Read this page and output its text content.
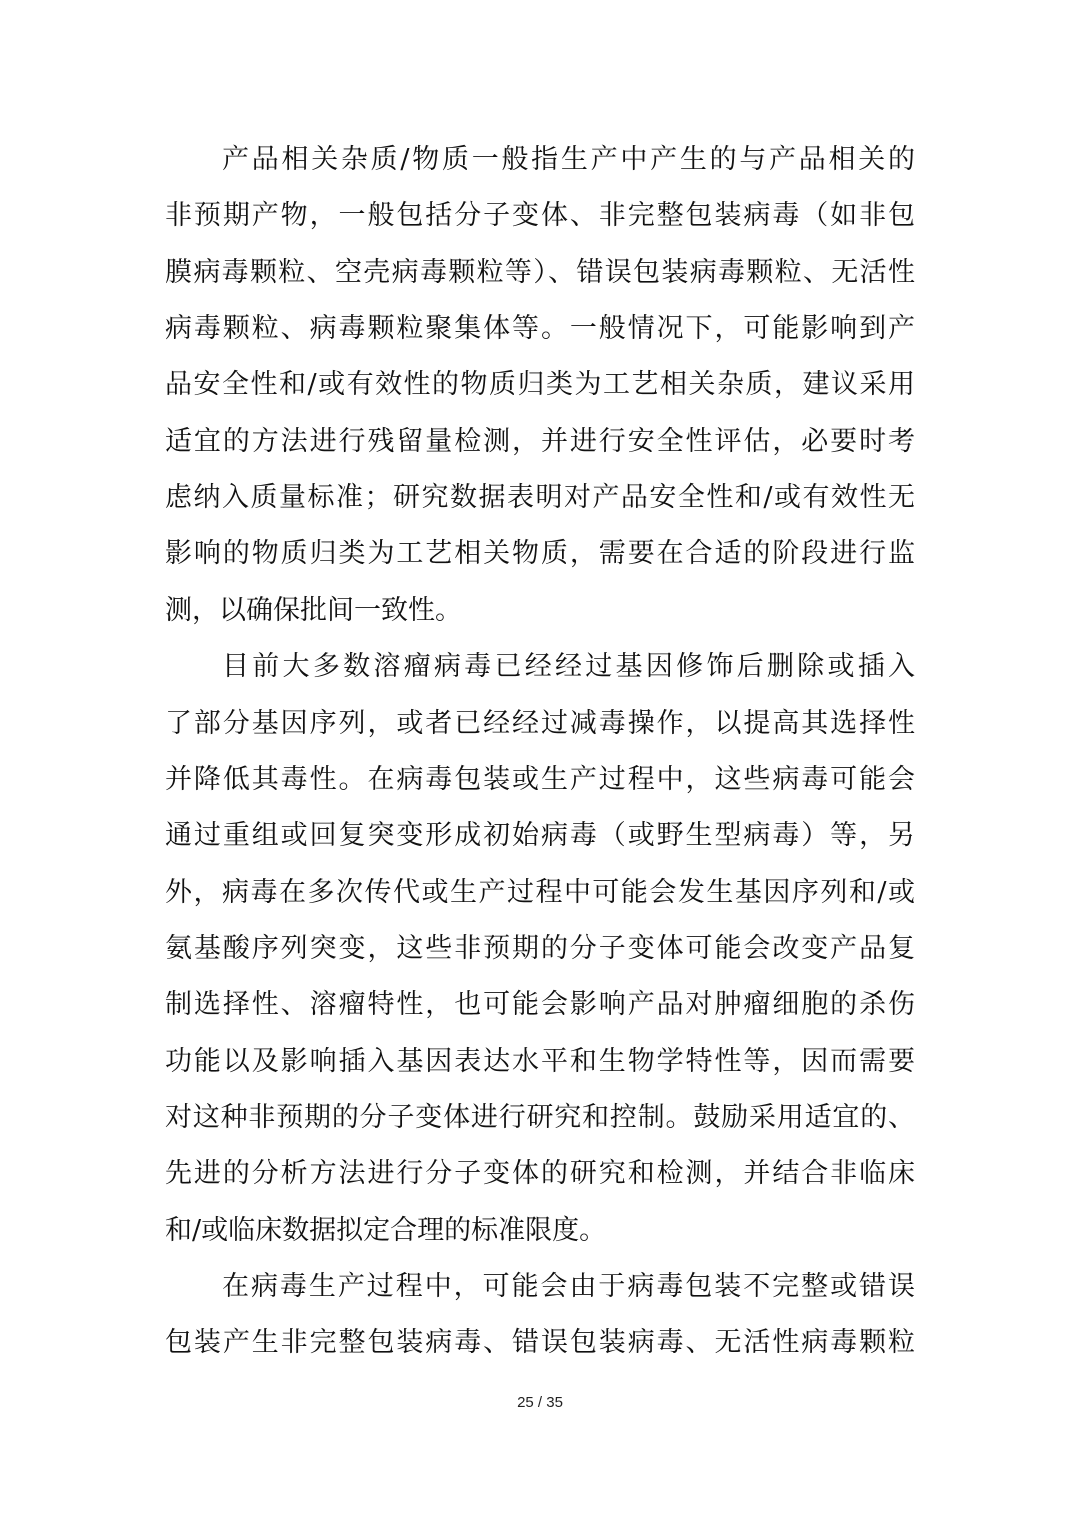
产品相关杂质/物质一般指生产中产生的与产品相关的
非预期产物，一般包括分子变体、非完整包装病毒（如非包
膜病毒颗粒、空壳病毒颗粒等）、错误包装病毒颗粒、无活性
病毒颗粒、病毒颗粒聚集体等。一般情况下，可能影响到产
品安全性和/或有效性的物质归类为工艺相关杂质，建议采用
适宜的方法进行残留量检测，并进行安全性评估，必要时考
虑纳入质量标准；研究数据表明对产品安全性和/或有效性无
影响的物质归类为工艺相关物质，需要在合适的阶段进行监
测，以确保批间一致性。
目前大多数溶瘤病毒已经经过基因修饰后删除或插入
了部分基因序列，或者已经经过减毒操作，以提高其选择性
并降低其毒性。在病毒包装或生产过程中，这些病毒可能会
通过重组或回复突变形成初始病毒（或野生型病毒）等，另
外，病毒在多次传代或生产过程中可能会发生基因序列和/或
氨基酸序列突变，这些非预期的分子变体可能会改变产品复
制选择性、溶瘤特性，也可能会影响产品对肿瘤细胞的杀伤
功能以及影响插入基因表达水平和生物学特性等，因而需要
对这种非预期的分子变体进行研究和控制。鼓励采用适宜的、
先进的分析方法进行分子变体的研究和检测，并结合非临床
和/或临床数据拟定合理的标准限度。
在病毒生产过程中，可能会由于病毒包装不完整或错误
包装产生非完整包装病毒、错误包装病毒、无活性病毒颗粒
25 / 35
